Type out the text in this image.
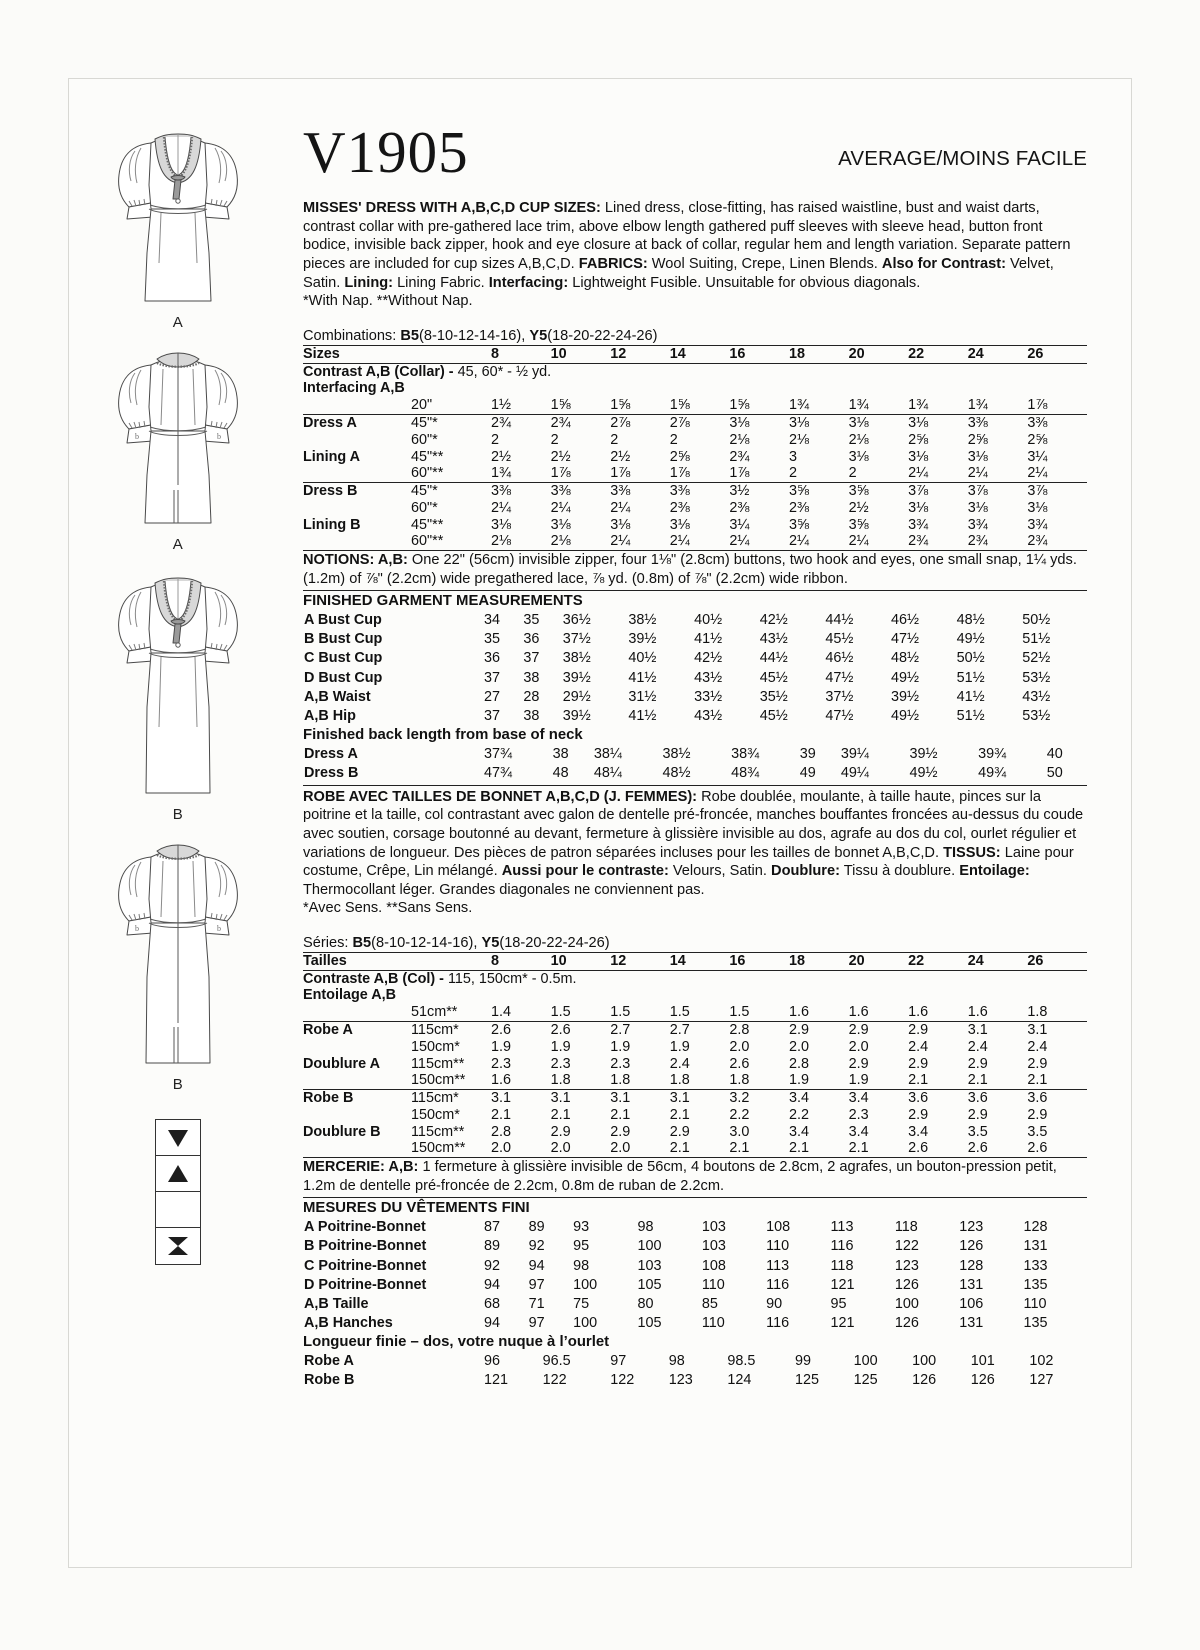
A
b	b
A
B
b	b
B
V1905	AVERAGE/MOINS FACILE
MISSES' DRESS WITH A,B,C,D CUP SIZES: Lined dress, close-fitting, has raised waistline, bust and waist darts, contrast collar with pre-gathered lace trim, above elbow length gathered puff sleeves with sleeve head, button front bodice, invisible back zipper, hook and eye closure at back of collar, regular hem and length variation. Separate pattern pieces are included for cup sizes A,B,C,D. FABRICS: Wool Suiting, Crepe, Linen Blends. Also for Contrast: Velvet, Satin. Lining: Lining Fabric. Interfacing: Lightweight Fusible. Unsuitable for obvious diagonals.
*With Nap. **Without Nap.
Combinations: B5(8-10-12-14-16), Y5(18-20-22-24-26)
Sizes		8	10	12	14	16	18	20	22	24	26
Contrast A,B (Collar) - 45, 60* - ½ yd.											
Interfacing A,B											
	20"	1½	1⅝	1⅝	1⅝	1⅝	1¾	1¾	1¾	1¾	1⅞
Dress A	45"*	2¾	2¾	2⅞	2⅞	3⅛	3⅛	3⅛	3⅛	3⅜	3⅜
	60"*	2	2	2	2	2⅛	2⅛	2⅛	2⅝	2⅝	2⅝
Lining A	45"**	2½	2½	2½	2⅝	2¾	3	3⅛	3⅛	3⅛	3¼
	60"**	1¾	1⅞	1⅞	1⅞	1⅞	2	2	2¼	2¼	2¼
Dress B	45"*	3⅜	3⅜	3⅜	3⅜	3½	3⅝	3⅝	3⅞	3⅞	3⅞
	60"*	2¼	2¼	2¼	2⅜	2⅜	2⅜	2½	3⅛	3⅛	3⅛
Lining B	45"**	3⅛	3⅛	3⅛	3⅛	3¼	3⅝	3⅝	3¾	3¾	3¾
	60"**	2⅛	2⅛	2¼	2¼	2¼	2¼	2¼	2¾	2¾	2¾
NOTIONS: A,B: One 22" (56cm) invisible zipper, four 1⅛" (2.8cm) buttons, two hook and eyes, one small snap, 1¼ yds. (1.2m) of ⅞" (2.2cm) wide pregathered lace, ⅞ yd. (0.8m) of ⅞" (2.2cm) wide ribbon.
FINISHED GARMENT MEASUREMENTS
A Bust Cup	34	35	36½	38½	40½	42½	44½	46½	48½	50½
B Bust Cup	35	36	37½	39½	41½	43½	45½	47½	49½	51½
C Bust Cup	36	37	38½	40½	42½	44½	46½	48½	50½	52½
D Bust Cup	37	38	39½	41½	43½	45½	47½	49½	51½	53½
A,B Waist	27	28	29½	31½	33½	35½	37½	39½	41½	43½
A,B Hip	37	38	39½	41½	43½	45½	47½	49½	51½	53½
Finished back length from base of neck
Dress A	37¾	38	38¼	38½	38¾	39	39¼	39½	39¾	40
Dress B	47¾	48	48¼	48½	48¾	49	49¼	49½	49¾	50
ROBE AVEC TAILLES DE BONNET A,B,C,D (J. FEMMES): Robe doublée, moulante, à taille haute, pinces sur la poitrine et la taille, col contrastant avec galon de dentelle pré-froncée, manches bouffantes froncées au-dessus du coude avec soutien, corsage boutonné au devant, fermeture à glissière invisible au dos, agrafe au dos du col, ourlet régulier et variations de longueur. Des pièces de patron séparées incluses pour les tailles de bonnet A,B,C,D. TISSUS: Laine pour costume, Crêpe, Lin mélangé. Aussi pour le contraste: Velours, Satin. Doublure: Tissu à doublure. Entoilage: Thermocollant léger. Grandes diagonales ne conviennent pas.
*Avec Sens. **Sans Sens.
Séries: B5(8-10-12-14-16), Y5(18-20-22-24-26)
Tailles		8	10	12	14	16	18	20	22	24	26
Contraste A,B (Col) - 115, 150cm* - 0.5m.											
Entoilage A,B											
	51cm**	1.4	1.5	1.5	1.5	1.5	1.6	1.6	1.6	1.6	1.8
Robe A	115cm*	2.6	2.6	2.7	2.7	2.8	2.9	2.9	2.9	3.1	3.1
	150cm*	1.9	1.9	1.9	1.9	2.0	2.0	2.0	2.4	2.4	2.4
Doublure A	115cm**	2.3	2.3	2.3	2.4	2.6	2.8	2.9	2.9	2.9	2.9
	150cm**	1.6	1.8	1.8	1.8	1.8	1.9	1.9	2.1	2.1	2.1
Robe B	115cm*	3.1	3.1	3.1	3.1	3.2	3.4	3.4	3.6	3.6	3.6
	150cm*	2.1	2.1	2.1	2.1	2.2	2.2	2.3	2.9	2.9	2.9
Doublure B	115cm**	2.8	2.9	2.9	2.9	3.0	3.4	3.4	3.4	3.5	3.5
	150cm**	2.0	2.0	2.0	2.1	2.1	2.1	2.1	2.6	2.6	2.6
MERCERIE: A,B: 1 fermeture à glissière invisible de 56cm, 4 boutons de 2.8cm, 2 agrafes, un bouton-pression petit, 1.2m de dentelle pré-froncée de 2.2cm, 0.8m de ruban de 2.2cm.
MESURES DU VÊTEMENTS FINI
A Poitrine-Bonnet	87	89	93	98	103	108	113	118	123	128
B Poitrine-Bonnet	89	92	95	100	103	110	116	122	126	131
C Poitrine-Bonnet	92	94	98	103	108	113	118	123	128	133
D Poitrine-Bonnet	94	97	100	105	110	116	121	126	131	135
A,B Taille	68	71	75	80	85	90	95	100	106	110
A,B Hanches	94	97	100	105	110	116	121	126	131	135
Longueur finie – dos, votre nuque à l’ourlet
Robe A	96	96.5	97	98	98.5	99	100	100	101	102
Robe B	121	122	122	123	124	125	125	126	126	127
